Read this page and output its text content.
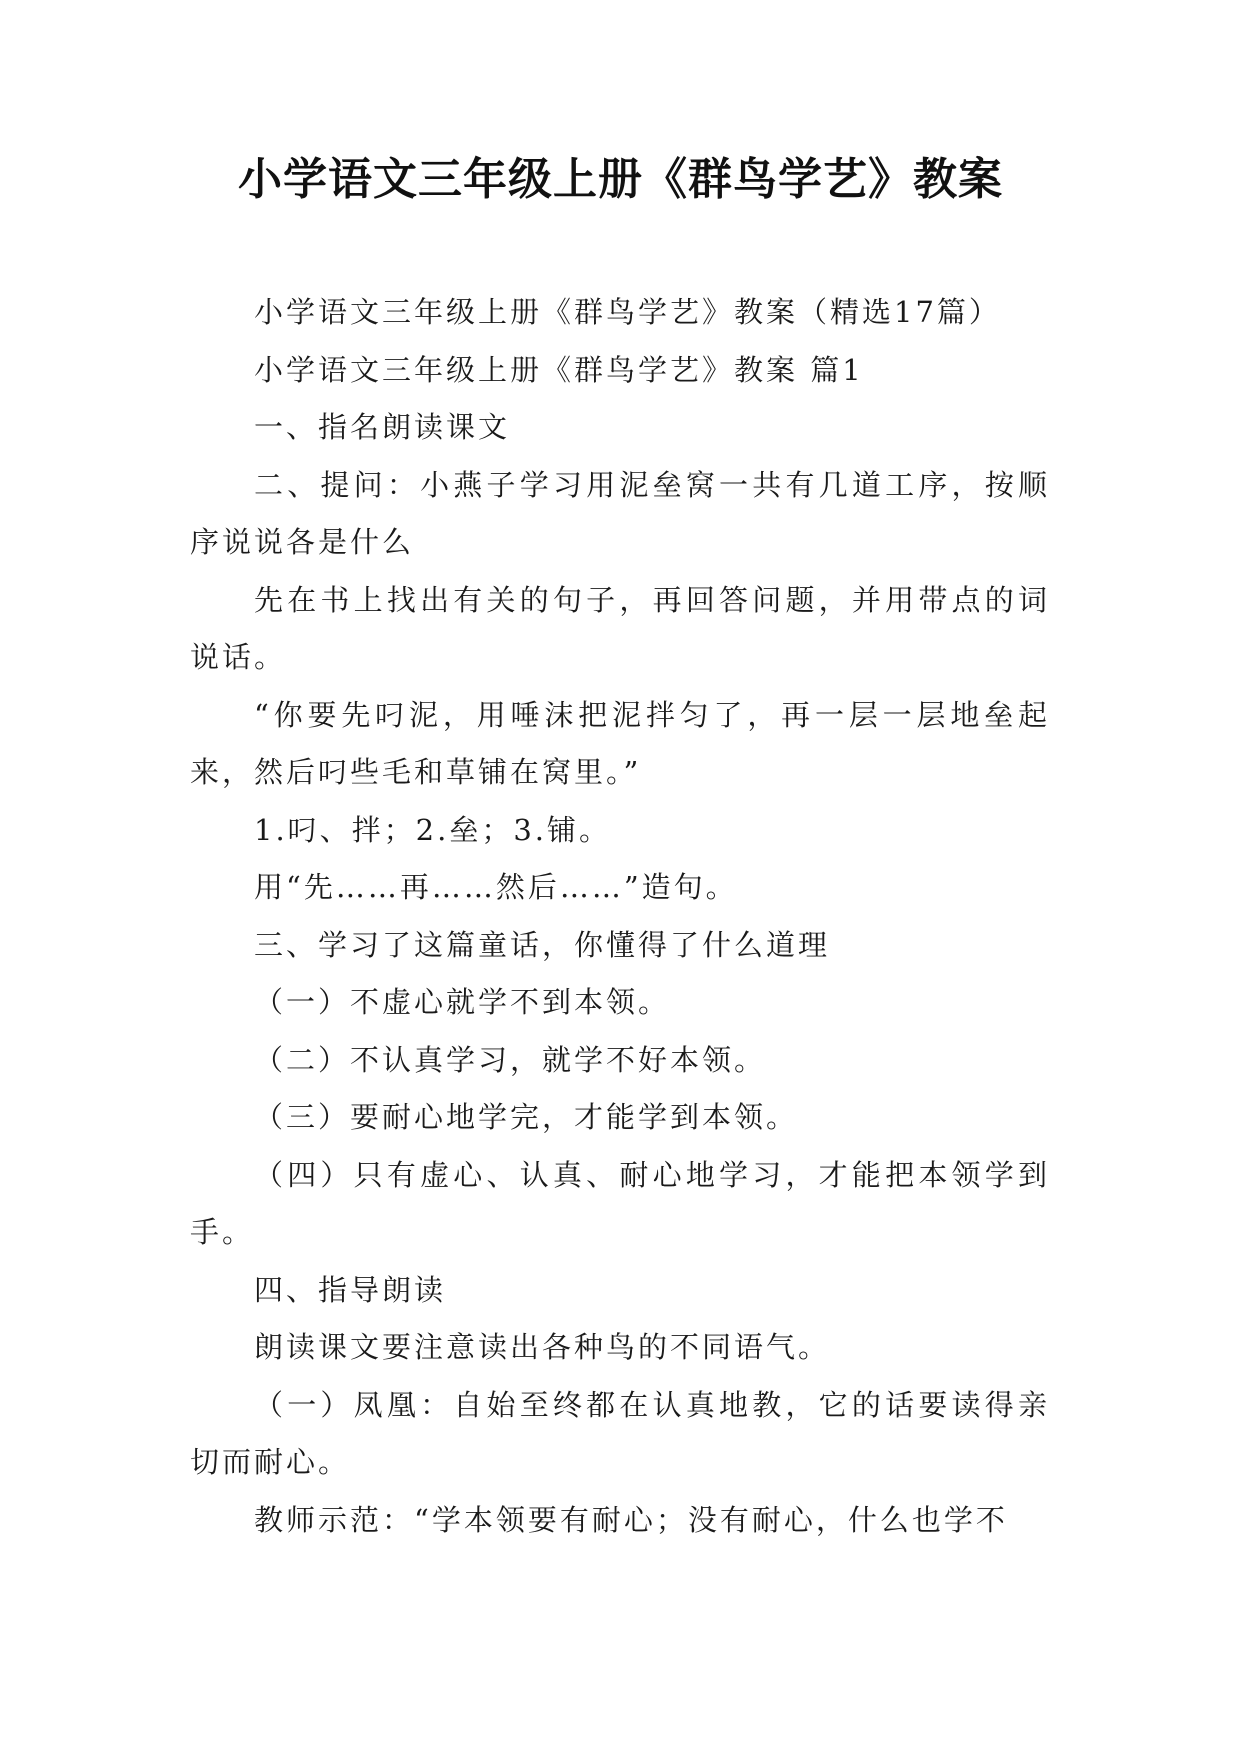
小学语文三年级上册《群鸟学艺》教案

小学语文三年级上册《群鸟学艺》教案（精选17篇）

小学语文三年级上册《群鸟学艺》教案 篇1

一、指名朗读课文

二、提问：小燕子学习用泥垒窝一共有几道工序，按顺序说说各是什么

先在书上找出有关的句子，再回答问题，并用带点的词说话。

“你要先叼泥，用唾沫把泥拌匀了，再一层一层地垒起来，然后叼些毛和草铺在窝里。”

1.叼、拌；2.垒；3.铺。

用“先……再……然后……”造句。

三、学习了这篇童话，你懂得了什么道理

（一）不虚心就学不到本领。

（二）不认真学习，就学不好本领。

（三）要耐心地学完，才能学到本领。

（四）只有虚心、认真、耐心地学习，才能把本领学到手。

四、指导朗读

朗读课文要注意读出各种鸟的不同语气。

（一）凤凰：自始至终都在认真地教，它的话要读得亲切而耐心。

教师示范：“学本领要有耐心；没有耐心，什么也学不
